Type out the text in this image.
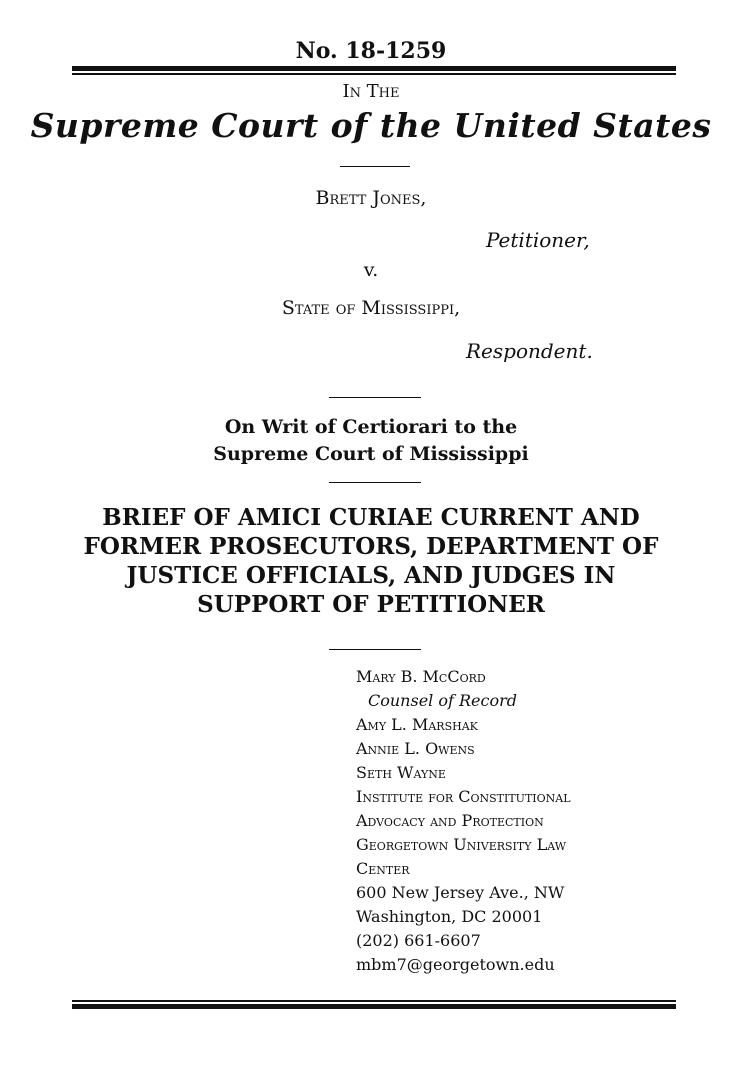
No. 18-1259
In The
Supreme Court of the United States
Brett Jones,
Petitioner,
v.
State of Mississippi,
Respondent.
On Writ of Certiorari to the
Supreme Court of Mississippi
BRIEF OF AMICI CURIAE CURRENT AND
FORMER PROSECUTORS, DEPARTMENT OF
JUSTICE OFFICIALS, AND JUDGES IN
SUPPORT OF PETITIONER
Mary B. McCord
Counsel of Record
Amy L. Marshak
Annie L. Owens
Seth Wayne
Institute for Constitutional
Advocacy and Protection
Georgetown University Law
Center
600 New Jersey Ave., NW
Washington, DC 20001
(202) 661-6607
mbm7@georgetown.edu
